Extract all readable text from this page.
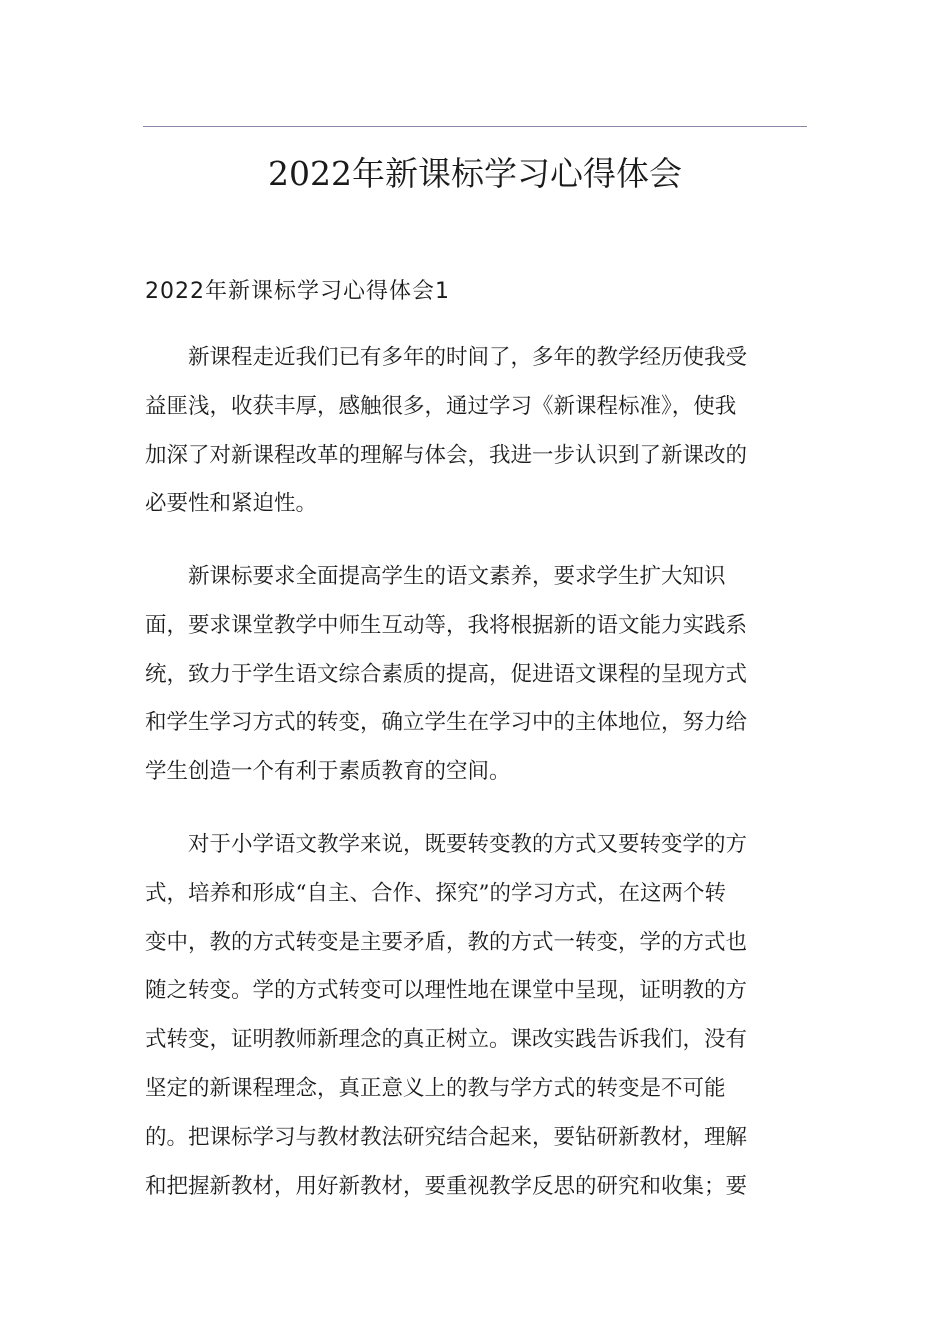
2022年新课标学习心得体会
2022年新课标学习心得体会1

　　新课程走近我们已有多年的时间了，多年的教学经历使我受
益匪浅，收获丰厚，感触很多，通过学习《新课程标准》，使我
加深了对新课程改革的理解与体会，我进一步认识到了新课改的
必要性和紧迫性。

　　新课标要求全面提高学生的语文素养，要求学生扩大知识
面，要求课堂教学中师生互动等，我将根据新的语文能力实践系
统，致力于学生语文综合素质的提高，促进语文课程的呈现方式
和学生学习方式的转变，确立学生在学习中的主体地位，努力给
学生创造一个有利于素质教育的空间。

　　对于小学语文教学来说，既要转变教的方式又要转变学的方
式，培养和形成“自主、合作、探究”的学习方式，在这两个转
变中，教的方式转变是主要矛盾，教的方式一转变，学的方式也
随之转变。学的方式转变可以理性地在课堂中呈现，证明教的方
式转变，证明教师新理念的真正树立。课改实践告诉我们，没有
坚定的新课程理念，真正意义上的教与学方式的转变是不可能
的。把课标学习与教材教法研究结合起来，要钻研新教材，理解
和把握新教材，用好新教材，要重视教学反思的研究和收集；要
